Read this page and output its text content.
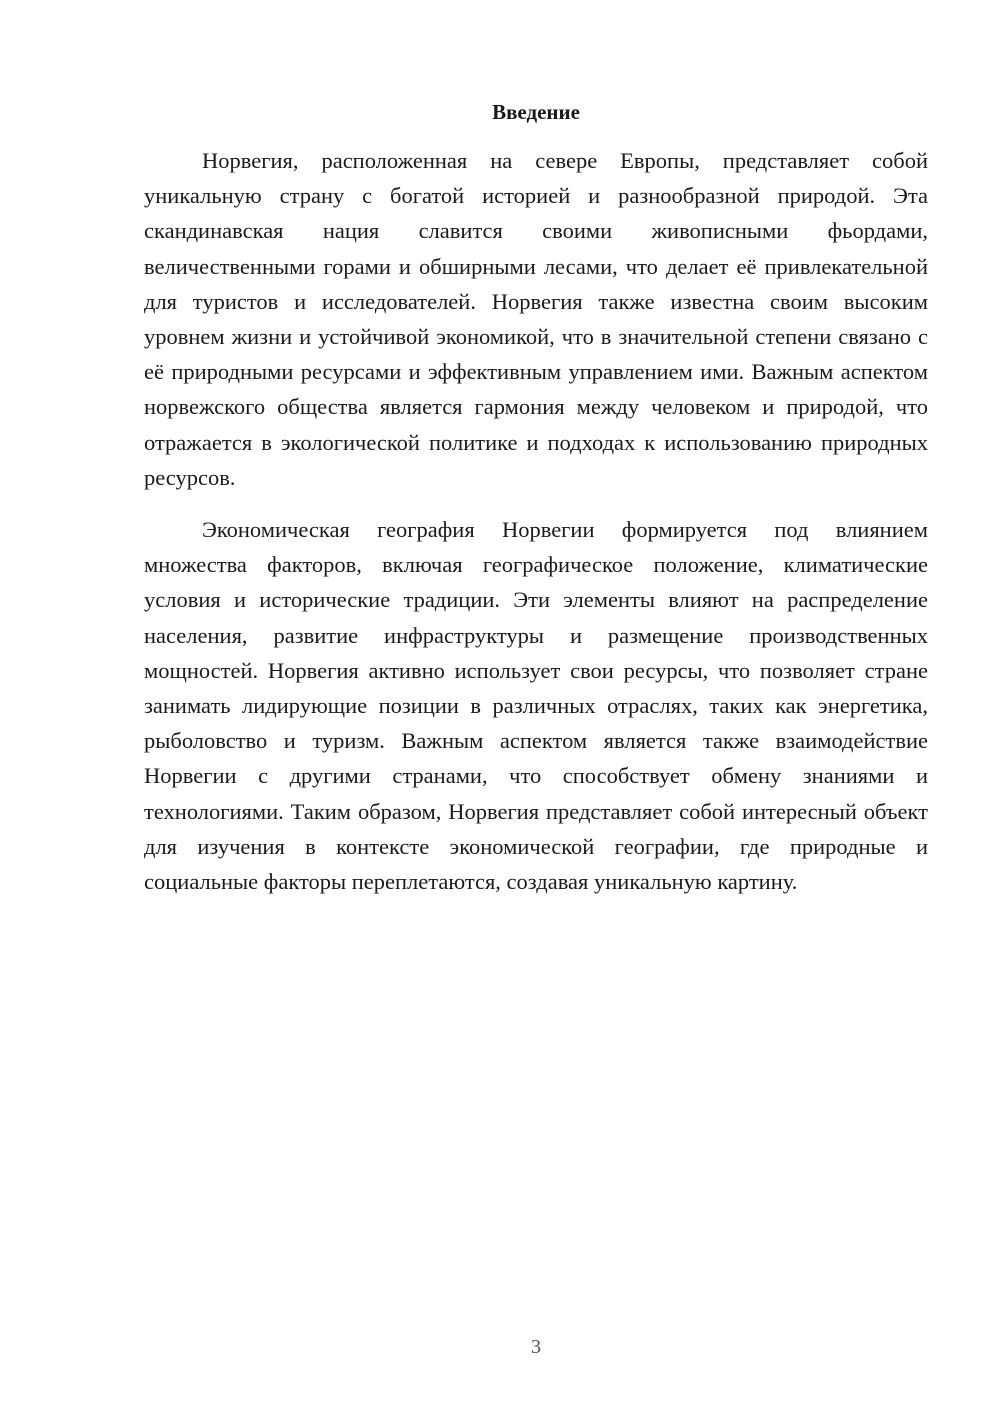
Введение

Норвегия, расположенная на севере Европы, представляет собой уникальную страну с богатой историей и разнообразной природой. Эта скандинавская нация славится своими живописными фьордами, величественными горами и обширными лесами, что делает её привлекательной для туристов и исследователей. Норвегия также известна своим высоким уровнем жизни и устойчивой экономикой, что в значительной степени связано с её природными ресурсами и эффективным управлением ими. Важным аспектом норвежского общества является гармония между человеком и природой, что отражается в экологической политике и подходах к использованию природных ресурсов.

Экономическая география Норвегии формируется под влиянием множества факторов, включая географическое положение, климатические условия и исторические традиции. Эти элементы влияют на распределение населения, развитие инфраструктуры и размещение производственных мощностей. Норвегия активно использует свои ресурсы, что позволяет стране занимать лидирующие позиции в различных отраслях, таких как энергетика, рыболовство и туризм. Важным аспектом является также взаимодействие Норвегии с другими странами, что способствует обмену знаниями и технологиями. Таким образом, Норвегия представляет собой интересный объект для изучения в контексте экономической географии, где природные и социальные факторы переплетаются, создавая уникальную картину.

3
